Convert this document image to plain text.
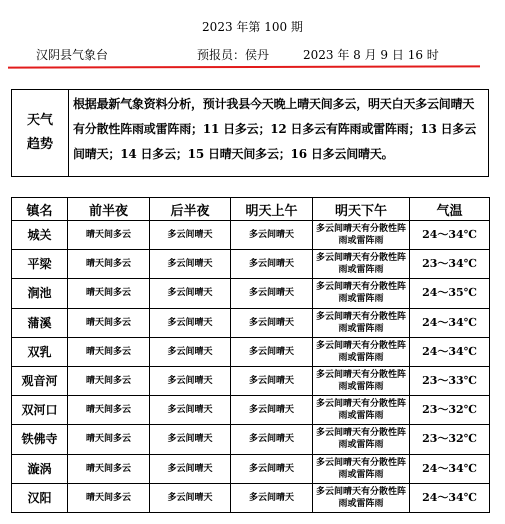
2023 年第 100 期
汉阴县气象台	预报员：侯丹	2023 年 8 月 9 日 16 时
天气
趋势
根据最新气象资料分析，预计我县今天晚上晴天间多云，明天白天多云间晴天有分散性阵雨或雷阵雨；11 日多云；12 日多云有阵雨或雷阵雨；13 日多云间晴天；14 日多云；15 日晴天间多云；16 日多云间晴天。
镇名	前半夜	后半夜	明天上午	明天下午	气温
城关	晴天间多云	多云间晴天	多云间晴天	多云间晴天有分散性阵雨或雷阵雨	24～34℃
平梁	晴天间多云	多云间晴天	多云间晴天	多云间晴天有分散性阵雨或雷阵雨	23～34℃
涧池	晴天间多云	多云间晴天	多云间晴天	多云间晴天有分散性阵雨或雷阵雨	24～35℃
蒲溪	晴天间多云	多云间晴天	多云间晴天	多云间晴天有分散性阵雨或雷阵雨	24～34℃
双乳	晴天间多云	多云间晴天	多云间晴天	多云间晴天有分散性阵雨或雷阵雨	24～34℃
观音河	晴天间多云	多云间晴天	多云间晴天	多云间晴天有分散性阵雨或雷阵雨	23～33℃
双河口	晴天间多云	多云间晴天	多云间晴天	多云间晴天有分散性阵雨或雷阵雨	23～32℃
铁佛寺	晴天间多云	多云间晴天	多云间晴天	多云间晴天有分散性阵雨或雷阵雨	23～32℃
漩涡	晴天间多云	多云间晴天	多云间晴天	多云间晴天有分散性阵雨或雷阵雨	24～34℃
汉阳	晴天间多云	多云间晴天	多云间晴天	多云间晴天有分散性阵雨或雷阵雨	24～34℃
